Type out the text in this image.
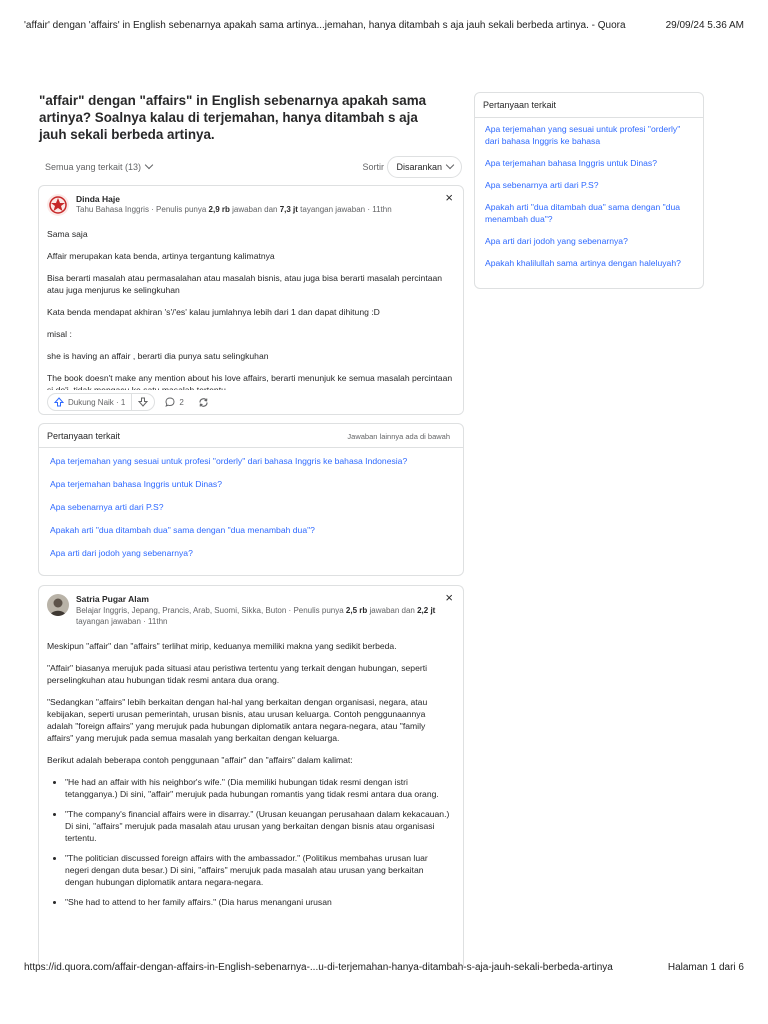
'affair' dengan 'affairs' in English sebenarnya apakah sama artinya...jemahan, hanya ditambah s aja jauh sekali berbeda artinya. - Quora	29/09/24 5.36 AM
"affair" dengan "affairs" in English sebenarnya apakah sama artinya? Soalnya kalau di terjemahan, hanya ditambah s aja jauh sekali berbeda artinya.
Semua yang terkait (13)	Sortir	Disarankan
Dinda Haje
Tahu Bahasa Inggris · Penulis punya 2,9 rb jawaban dan 7,3 jt tayangan jawaban · 11thn
×

Sama saja

Affair merupakan kata benda, artinya tergantung kalimatnya

Bisa berarti masalah atau permasalahan atau masalah bisnis, atau juga bisa berarti masalah percintaan atau juga menjurus ke selingkuhan

Kata benda mendapat akhiran 's'/'es' kalau jumlahnya lebih dari 1 dan dapat dihitung :D

misal :

she is having an affair , berarti dia punya satu selingkuhan

The book doesn't make any mention about his love affairs, berarti menunjuk ke semua masalah percintaan

Dukung Naik · 1	2
Pertanyaan terkait	Jawaban lainnya ada di bawah
Apa terjemahan yang sesuai untuk profesi "orderly" dari bahasa Inggris ke bahasa Indonesia?
Apa terjemahan bahasa Inggris untuk Dinas?
Apa sebenarnya arti dari P.S?
Apakah arti "dua ditambah dua" sama dengan "dua menambah dua"?
Apa arti dari jodoh yang sebenarnya?
Satria Pugar Alam
Belajar Inggris, Jepang, Prancis, Arab, Suomi, Sikka, Buton · Penulis punya 2,5 rb jawaban dan 2,2 jt tayangan jawaban · 11thn
×

Meskipun "affair" dan "affairs" terlihat mirip, keduanya memiliki makna yang sedikit berbeda.

"Affair" biasanya merujuk pada situasi atau peristiwa tertentu yang terkait dengan hubungan, seperti perselingkuhan atau hubungan tidak resmi antara dua orang.

"Sedangkan "affairs" lebih berkaitan dengan hal-hal yang berkaitan dengan organisasi, negara, atau kebijakan, seperti urusan pemerintah, urusan bisnis, atau urusan keluarga. Contoh penggunaannya adalah "foreign affairs" yang merujuk pada hubungan diplomatik antara negara-negara, atau "family affairs" yang merujuk pada semua masalah yang berkaitan dengan keluarga.

Berikut adalah beberapa contoh penggunaan "affair" dan "affairs" dalam kalimat:

• "He had an affair with his neighbor's wife." (Dia memiliki hubungan tidak resmi dengan istri tetangganya.) Di sini, "affair" merujuk pada hubungan romantis yang tidak resmi antara dua orang.
• "The company's financial affairs were in disarray." (Urusan keuangan perusahaan dalam kekacauan.) Di sini, "affairs" merujuk pada masalah atau urusan yang berkaitan dengan bisnis atau organisasi tertentu.
• "The politician discussed foreign affairs with the ambassador." (Politikus membahas urusan luar negeri dengan duta besar.) Di sini, "affairs" merujuk pada masalah atau urusan yang berkaitan dengan hubungan diplomatik antara negara-negara.
• "She had to attend to her family affairs." (Dia harus menangani urusan
Pertanyaan terkait
Apa terjemahan yang sesuai untuk profesi "orderly" dari bahasa Inggris ke bahasa
Apa terjemahan bahasa Inggris untuk Dinas?
Apa sebenarnya arti dari P.S?
Apakah arti "dua ditambah dua" sama dengan "dua menambah dua"?
Apa arti dari jodoh yang sebenarnya?
Apakah khalilullah sama artinya dengan haleluyah?
https://id.quora.com/affair-dengan-affairs-in-English-sebenarnya-...u-di-terjemahan-hanya-ditambah-s-aja-jauh-sekali-berbeda-artinya	Halaman 1 dari 6
